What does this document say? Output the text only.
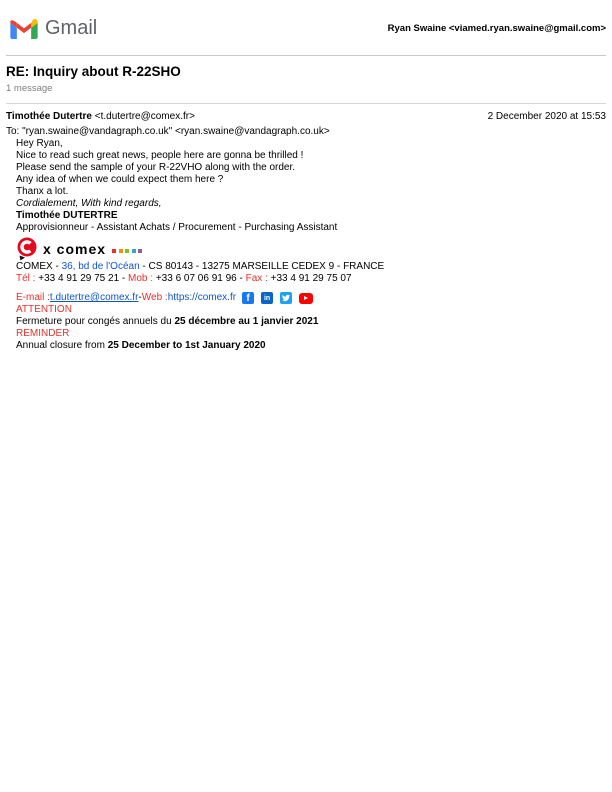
Gmail	Ryan Swaine <viamed.ryan.swaine@gmail.com>
RE: Inquiry about R-22SHO
1 message
Timothée Dutertre <t.dutertre@comex.fr>
To: "ryan.swaine@vandagraph.co.uk" <ryan.swaine@vandagraph.co.uk>
2 December 2020 at 15:53

Hey Ryan,

Nice to read such great news, people here are gonna be thrilled !

Please send the sample of your R-22VHO along with the order.

Any idea of when we could expect them here ?

Thanx a lot.

Cordialement, With kind regards,

Timothée DUTERTRE

Approvisionneur - Assistant Achats / Procurement - Purchasing Assistant

x comex

COMEX - 36, bd de l'Océan - CS 80143 - 13275 MARSEILLE CEDEX 9 - FRANCE

Tél : +33 4 91 29 75 21 - Mob : +33 6 07 06 91 96 - Fax : +33 4 91 29 75 07

E-mail : t.dutertre@comex.fr - Web : https://comex.fr	f	in

ATTENTION

Fermeture pour congés annuels du 25 décembre au 1 janvier 2021

REMINDER

Annual closure from 25 December to 1st January 2020
